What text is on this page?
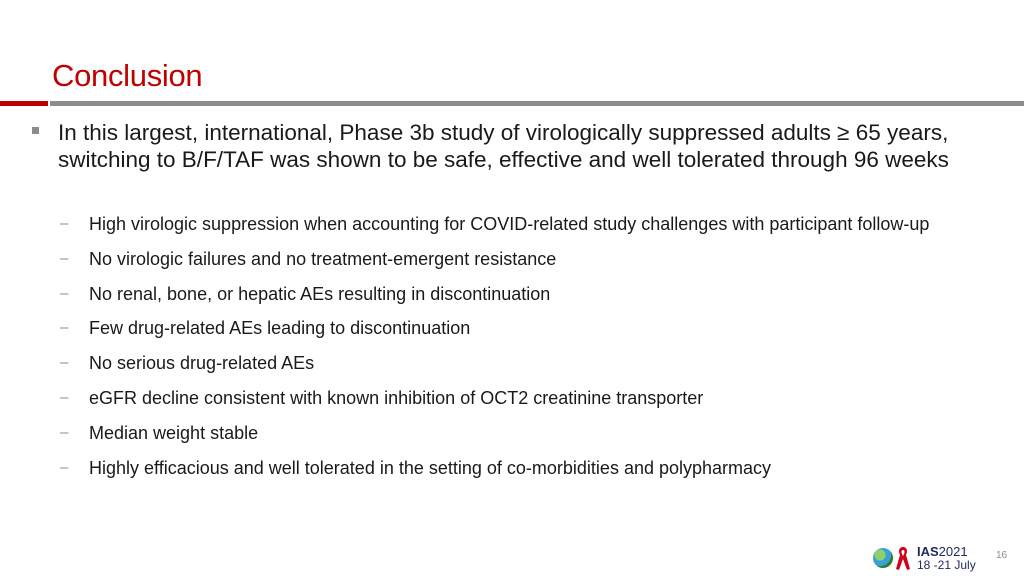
Conclusion
In this largest, international, Phase 3b study of virologically suppressed adults ≥ 65 years, switching to B/F/TAF was shown to be safe, effective and well tolerated through 96 weeks
– High virologic suppression when accounting for COVID-related study challenges with participant follow-up
– No virologic failures and no treatment-emergent resistance
– No renal, bone, or hepatic AEs resulting in discontinuation
– Few drug-related AEs leading to discontinuation
– No serious drug-related AEs
– eGFR decline consistent with known inhibition of OCT2 creatinine transporter
– Median weight stable
– Highly efficacious and well tolerated in the setting of co-morbidities and polypharmacy
IAS2021
18 -21 July
16
